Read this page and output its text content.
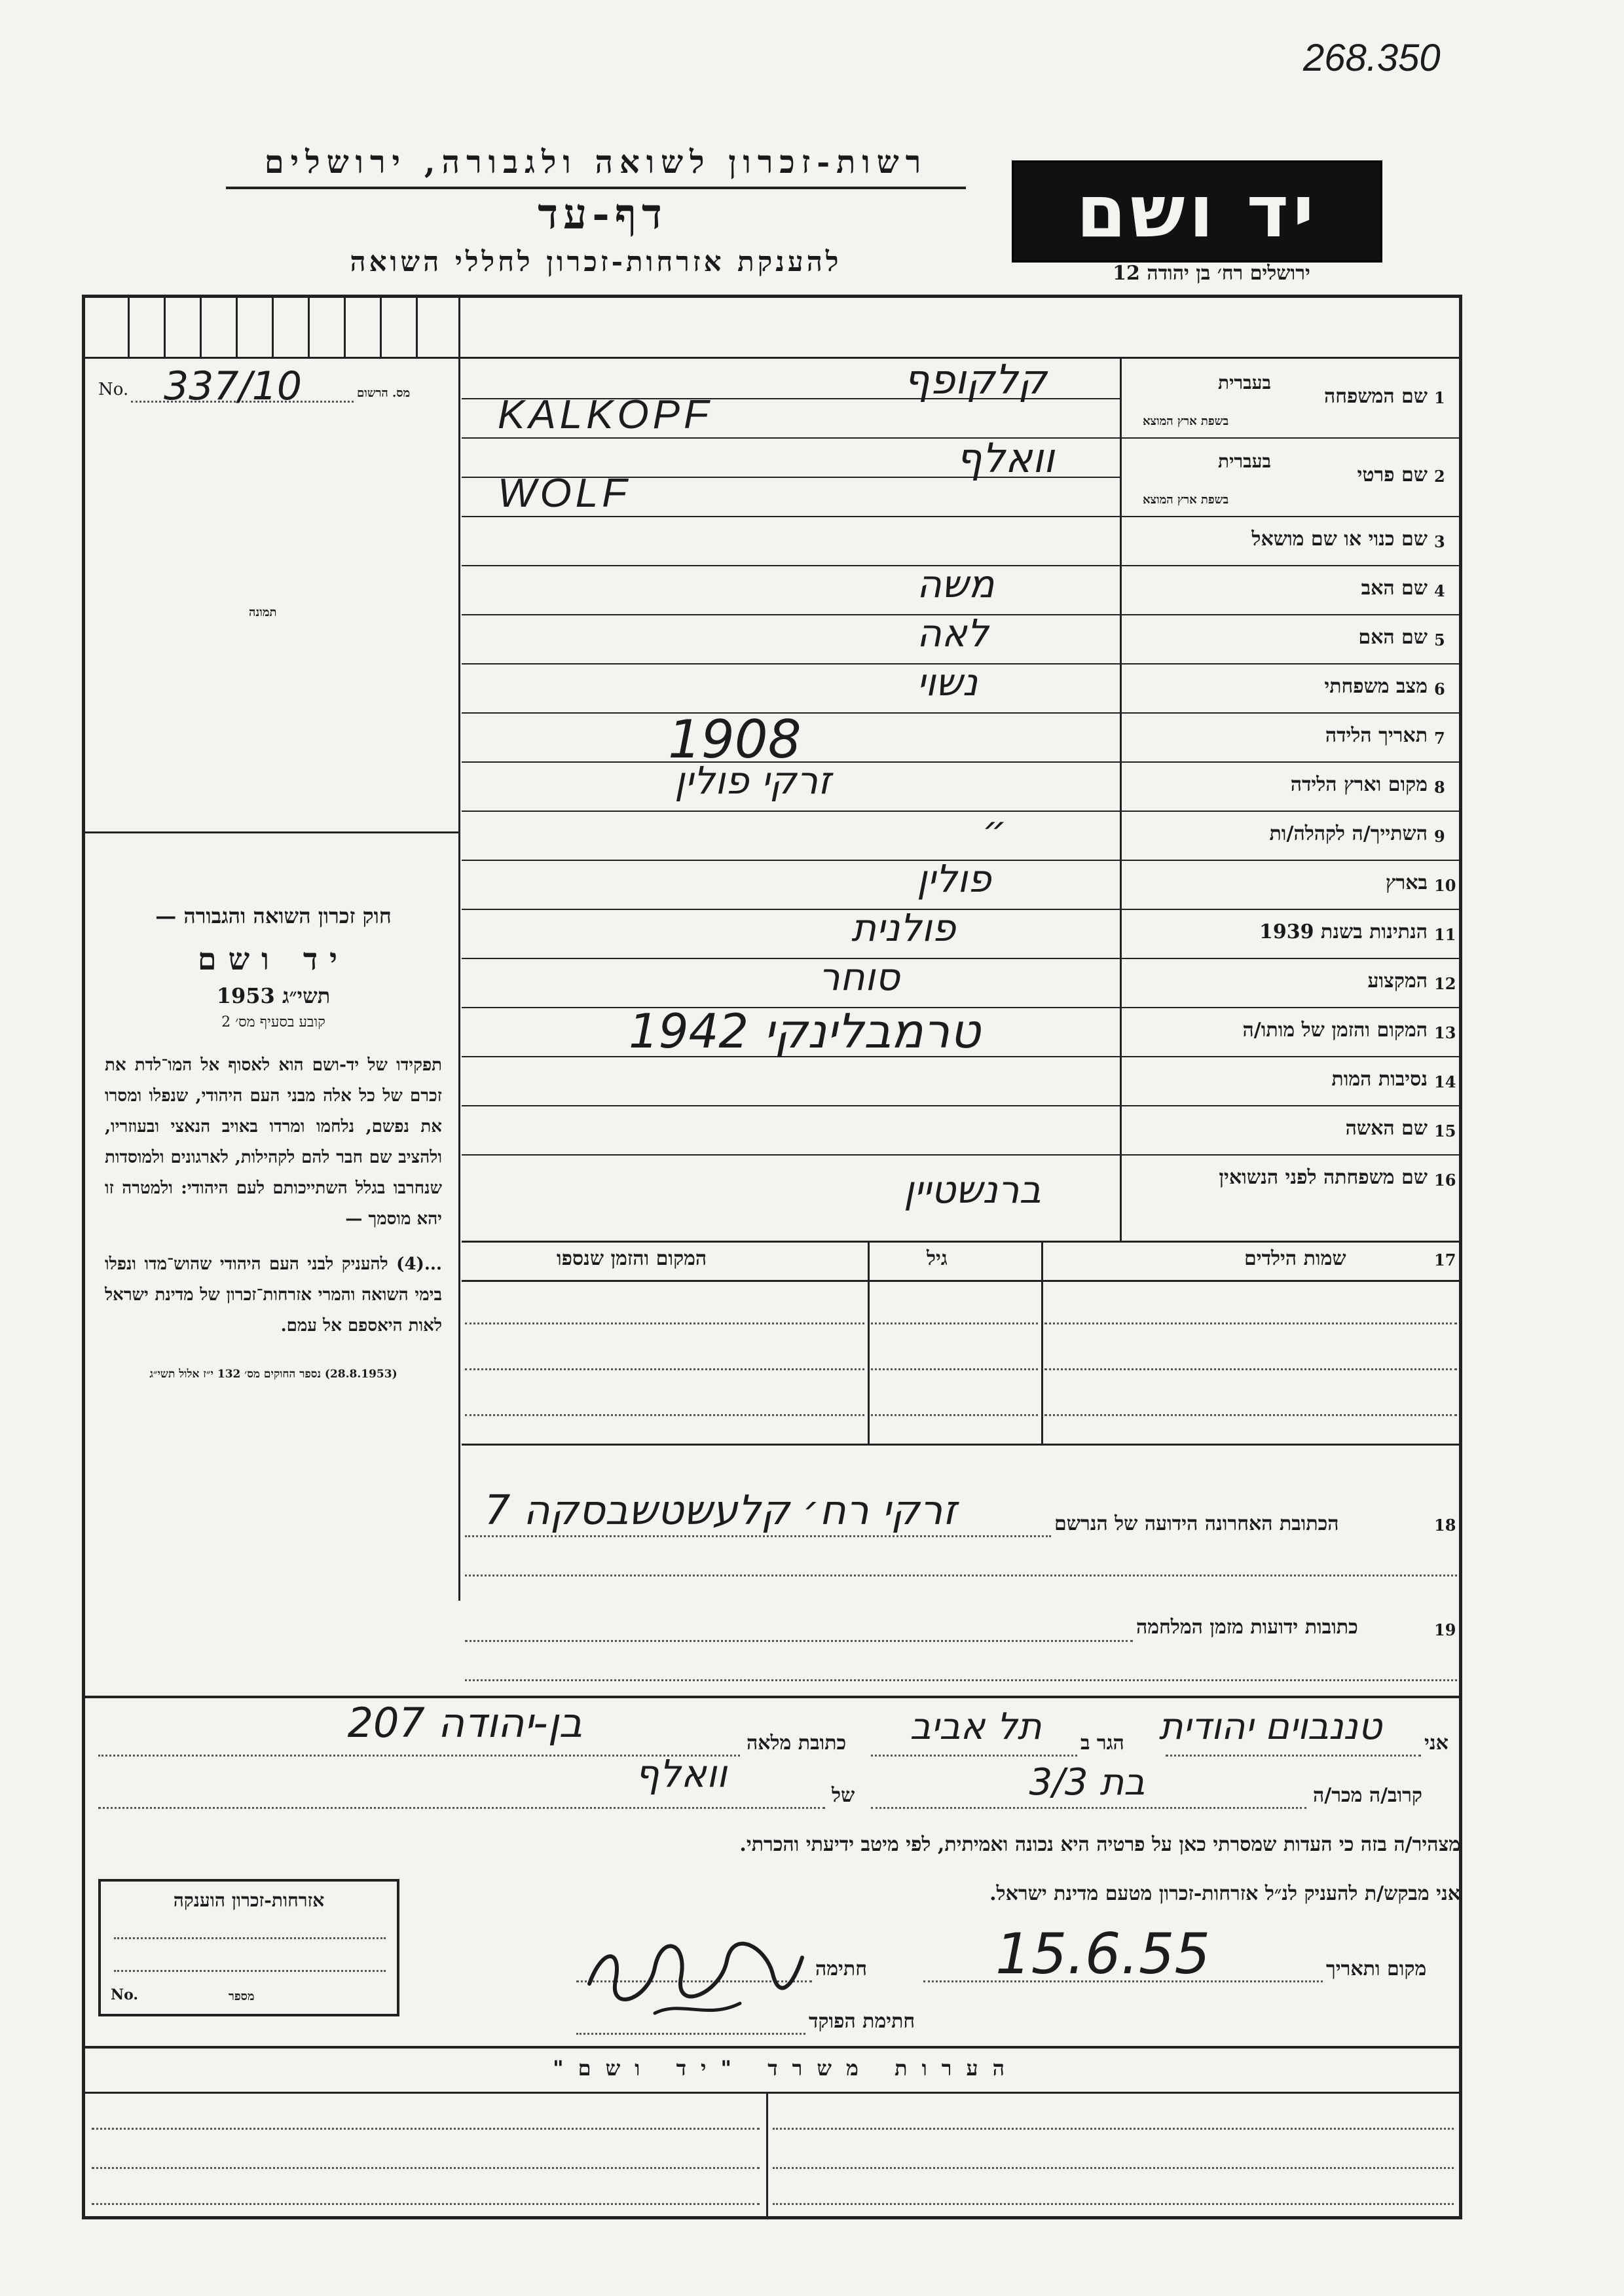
268.350
רשות-זכרון לשואה ולגבורה, ירושלים
דף-עד
להענקת אזרחות-זכרון לחללי השואה
יד ושם
ירושלים רח׳ בן יהודה 12
No. 337/10	מס. הרשום
תמונה
חוק זכרון השואה והגבורה —
יד ושם
תשי״ג 1953
קובע בסעיף מס׳ 2
תפקידו של יד-ושם הוא לאסוף אל המו־לדת את זכרם של כל אלה מבני העם היהודי, שנפלו ומסרו את נפשם, נלחמו ומרדו באויב הנאצי ובעוזריו, ולהציב שם חבר להם לקהילות, לארגונים ולמוסדות שנחרבו בגלל השתייכותם לעם היהודי: ולמטרה זו יהא מוסמך —
...(4) להעניק לבני העם היהודי שהוש־מדו ונפלו בימי השואה והמרי אזרחות־זכרון של מדינת ישראל לאות היאספם אל עמם.
(28.8.1953) נספר החוקים מס׳ 132 י״ז אלול תשי״ג
1
שם המשפחה
בעברית
בשפת ארץ המוצא
קלקופף
KALKOPF
2
שם פרטי
בעברית
בשפת ארץ המוצא
וואלף
WOLF
3
שם כנוי או שם מושאל
4
שם האב
משה
5
שם האם
לאה
6
מצב משפחתי
נשוי
7
תאריך הלידה
1908
8
מקום וארץ הלידה
זרקי פולין
9
השתייך/ה לקהלה/ות
״
10
בארץ
פולין
11
הנתינות בשנת 1939
פולנית
12
המקצוע
סוחר
13
המקום והזמן של מותו/ה
טרמבלינקי 1942
14
נסיבות המות
15
שם האשה
16
שם משפחתה לפני הנשואין
ברנשטיין
17
שמות הילדים
גיל
המקום והזמן שנספו
18
הכתובת האחרונה הידועה של הנרשם
זרקי רח׳ קלעשטשבסקה 7
19
כתובות ידועות מזמן המלחמה
אני
טננבוים יהודית
הגר ב
תל אביב
כתובת מלאה
בן-יהודה 207
קרוב/ה מכר/ה
בת 3/3
של
וואלף
מצהיר/ה בזה כי העדות שמסרתי כאן על פרטיה היא נכונה ואמיתית, לפי מיטב ידיעתי והכרתי.
אני מבקש/ת להעניק לנ״ל אזרחות-זכרון מטעם מדינת ישראל.
מקום ותאריך
15.6.55
חתימה
חתימת הפוקד
אזרחות-זכרון הוענקה
No.	מספר
הערות משרד "יד ושם"
